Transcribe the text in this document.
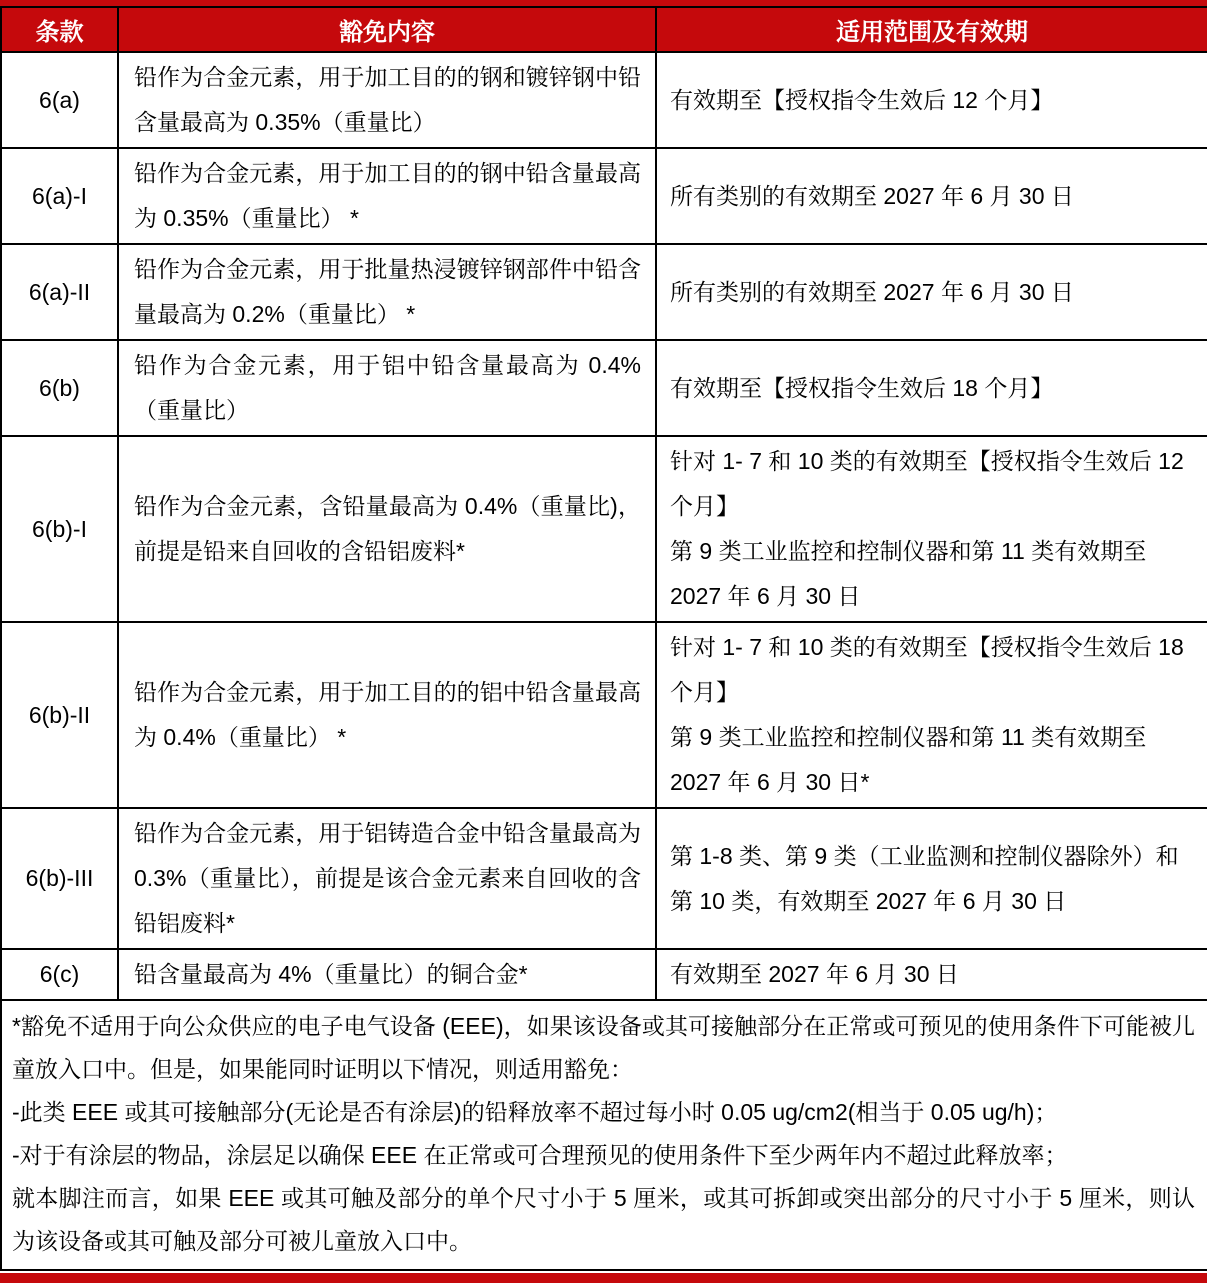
条款	豁免内容	适用范围及有效期
6(a)	铅作为合金元素，用于加工目的的钢和镀锌钢中铅含量最高为 0.35%（重量比）	有效期至【授权指令生效后 12 个月】

6(a)-I	铅作为合金元素，用于加工目的的钢中铅含量最高为 0.35%（重量比） *	所有类别的有效期至 2027 年 6 月 30 日

6(a)-II	铅作为合金元素，用于批量热浸镀锌钢部件中铅含量最高为 0.2%（重量比） *	所有类别的有效期至 2027 年 6 月 30 日

6(b)	铅作为合金元素，用于铝中铅含量最高为 0.4%（重量比）	有效期至【授权指令生效后 18 个月】

6(b)-I	铅作为合金元素，含铅量最高为 0.4%（重量比)，前提是铅来自回收的含铅铝废料*	针对 1- 7 和 10 类的有效期至【授权指令生效后 12 个月】

第 9 类工业监控和控制仪器和第 11 类有效期至 2027 年 6 月 30 日

6(b)-II	铅作为合金元素，用于加工目的的铝中铅含量最高为 0.4%（重量比） *	针对 1- 7 和 10 类的有效期至【授权指令生效后 18 个月】

第 9 类工业监控和控制仪器和第 11 类有效期至 2027 年 6 月 30 日*

6(b)-III	铅作为合金元素，用于铝铸造合金中铅含量最高为 0.3%（重量比），前提是该合金元素来自回收的含铅铝废料*	第 1-8 类、第 9 类（工业监测和控制仪器除外）和第 10 类，有效期至 2027 年 6 月 30 日

6(c)	铅含量最高为 4%（重量比）的铜合金*	有效期至 2027 年 6 月 30 日

*豁免不适用于向公众供应的电子电气设备 (EEE)，如果该设备或其可接触部分在正常或可预见的使用条件下可能被儿童放入口中。但是，如果能同时证明以下情况，则适用豁免：

-此类 EEE 或其可接触部分(无论是否有涂层)的铅释放率不超过每小时 0.05 ug/cm2(相当于 0.05 ug/h)；

-对于有涂层的物品，涂层足以确保 EEE 在正常或可合理预见的使用条件下至少两年内不超过此释放率；

就本脚注而言，如果 EEE 或其可触及部分的单个尺寸小于 5 厘米，或其可拆卸或突出部分的尺寸小于 5 厘米，则认为该设备或其可触及部分可被儿童放入口中。		
